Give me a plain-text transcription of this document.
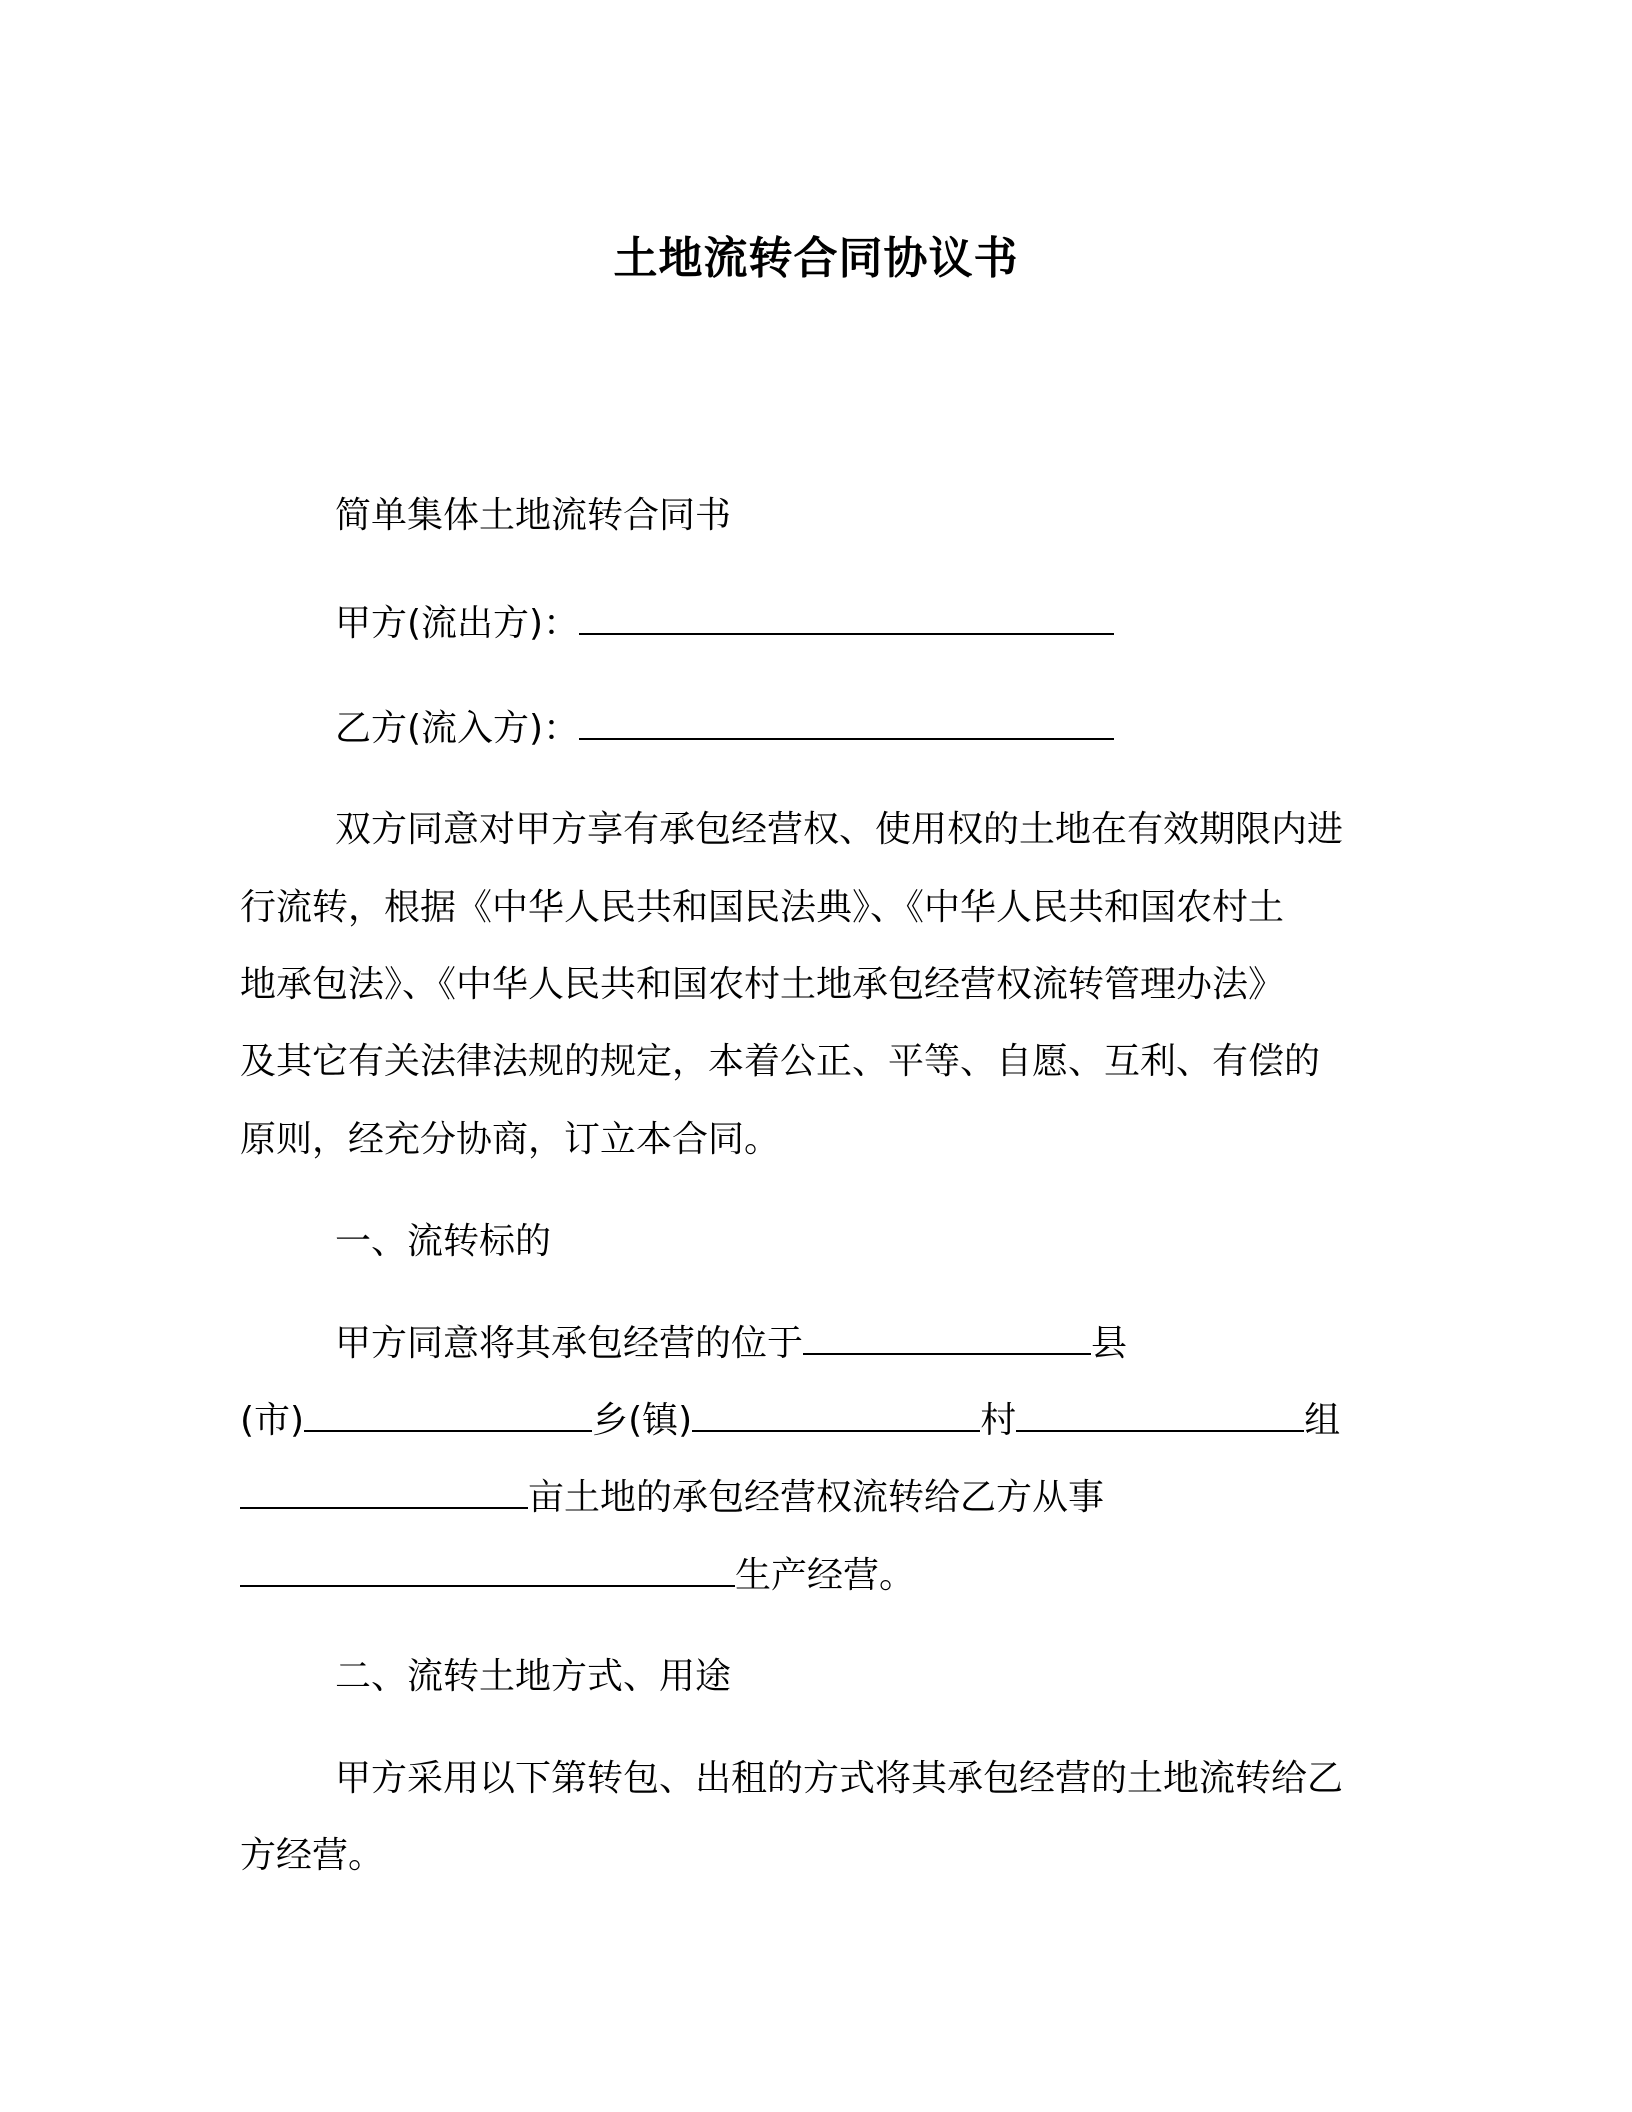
土地流转合同协议书
简单集体土地流转合同书
甲方(流出方)：
乙方(流入方)：
双方同意对甲方享有承包经营权、使用权的土地在有效期限内进
行流转，根据《中华人民共和国民法典》、《中华人民共和国农村土
地承包法》、《中华人民共和国农村土地承包经营权流转管理办法》
及其它有关法律法规的规定，本着公正、平等、自愿、互利、有偿的
原则，经充分协商，订立本合同。
一、流转标的
甲方同意将其承包经营的位于	县
(市)	乡(镇)	村	组
亩土地的承包经营权流转给乙方从事
生产经营。
二、流转土地方式、用途
甲方采用以下第转包、出租的方式将其承包经营的土地流转给乙
方经营。
